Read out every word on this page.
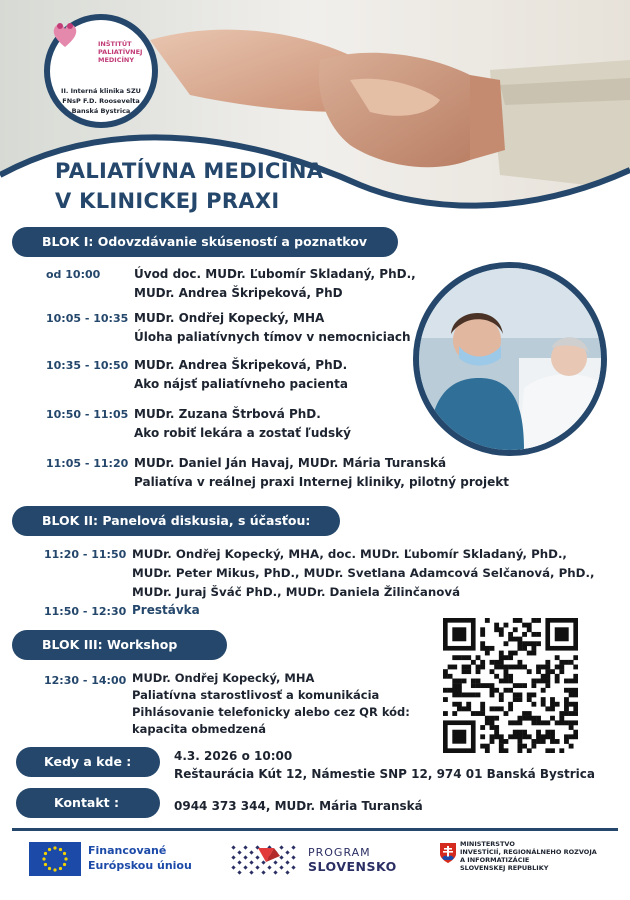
INŠTITÚT
PALIATÍVNEJ
MEDICÍNY
II. Interná klinika SZU
FNsP F.D. Roosevelta
Banská Bystrica
PALIATÍVNA MEDICÍNA
V KLINICKEJ PRAXI
BLOK I: Odovzdávanie skúseností a poznatkov
od 10:00	Úvod doc. MUDr. Ľubomír Skladaný, PhD.,
MUDr. Andrea Škripeková, PhD
10:05 - 10:35 MUDr. Ondřej Kopecký, MHA
Úloha paliatívnych tímov v nemocniciach
10:35 - 10:50 MUDr. Andrea Škripeková, PhD.
Ako nájsť paliatívneho pacienta
10:50 - 11:05 MUDr. Zuzana Štrbová PhD.
Ako robiť lekára a zostať ľudský
11:05 - 11:20 MUDr. Daniel Ján Havaj, MUDr. Mária Turanská
Paliatíva v reálnej praxi Internej kliniky, pilotný projekt
BLOK II: Panelová diskusia, s účasťou:
11:20 - 11:50 MUDr. Ondřej Kopecký, MHA, doc. MUDr. Ľubomír Skladaný, PhD.,
MUDr. Peter Mikus, PhD., MUDr. Svetlana Adamcová Selčanová, PhD.,
MUDr. Juraj Šváč PhD., MUDr. Daniela Žilinčanová
11:50 - 12:30 Prestávka
BLOK III: Workshop
12:30 - 14:00 MUDr. Ondřej Kopecký, MHA
Paliatívna starostlivosť a komunikácia
Pihlásovanie telefonicky alebo cez QR kód:
kapacita obmedzená
Kedy a kde :	4.3. 2026 o 10:00
Reštaurácia Kút 12, Námestie SNP 12, 974 01 Banská Bystrica
Kontakt :	0944 373 344, MUDr. Mária Turanská
Financované
Európskou úniou
PROGRAM
SLOVENSKO
MINISTERSTVO
INVESTÍCIÍ, REGIONÁLNEHO ROZVOJA
A INFORMATIZÁCIE
SLOVENSKEJ REPUBLIKY
